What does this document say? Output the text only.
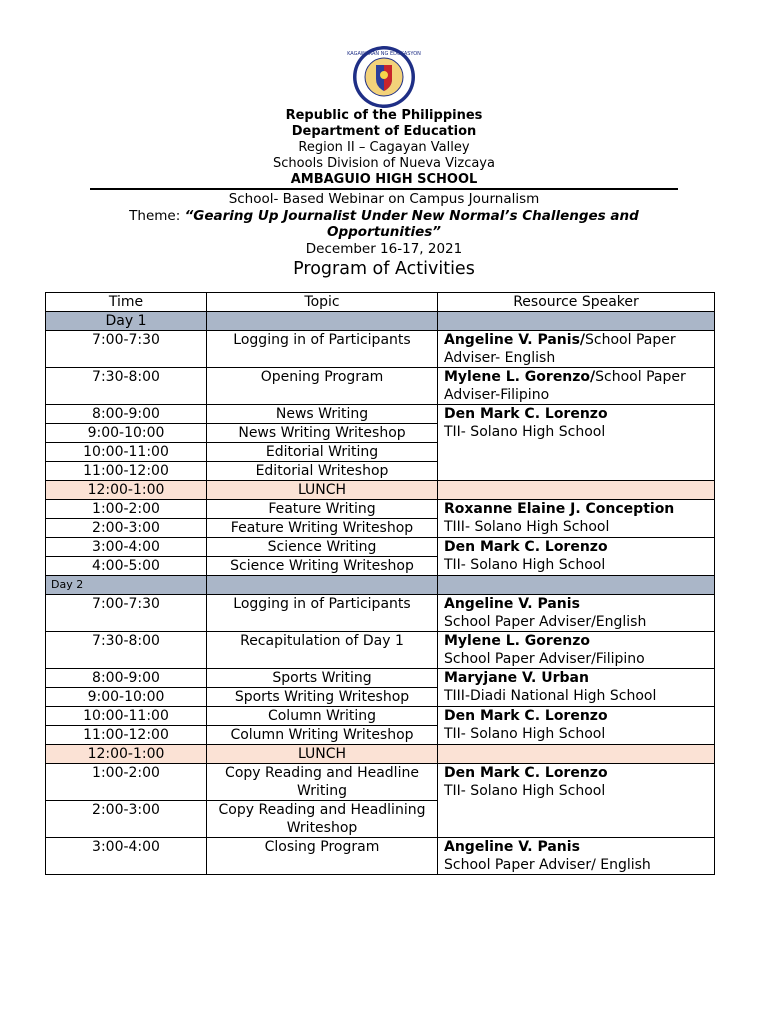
KAGAWARAN NG EDUKASYON
Republic of the Philippines
Department of Education
Region II – Cagayan Valley
Schools Division of Nueva Vizcaya
AMBAGUIO HIGH SCHOOL
School- Based Webinar on Campus Journalism
Theme: “Gearing Up Journalist Under New Normal’s Challenges and Opportunities”
December 16-17, 2021
Program of Activities
Time	Topic	Resource Speaker
Day 1		
7:00-7:30	Logging in of Participants	Angeline V. Panis/School Paper Adviser- English
7:30-8:00	Opening Program	Mylene L. Gorenzo/School Paper Adviser-Filipino
8:00-9:00	News Writing	Den Mark C. Lorenzo
TII- Solano High School

9:00-10:00	News Writing Writeshop	
10:00-11:00	Editorial Writing	
11:00-12:00	Editorial Writeshop	
12:00-1:00	LUNCH	
1:00-2:00	Feature Writing	Roxanne Elaine J. Conception
TIII- Solano High School

2:00-3:00	Feature Writing Writeshop	
3:00-4:00	Science Writing	Den Mark C. Lorenzo
TII- Solano High School

4:00-5:00	Science Writing Writeshop	
Day 2		
7:00-7:30	Logging in of Participants	Angeline V. Panis
School Paper Adviser/English

7:30-8:00	Recapitulation of Day 1	Mylene L. Gorenzo
School Paper Adviser/Filipino

8:00-9:00	Sports Writing	Maryjane V. Urban
TIII-Diadi National High School

9:00-10:00	Sports Writing Writeshop	
10:00-11:00	Column Writing	Den Mark C. Lorenzo
TII- Solano High School

11:00-12:00	Column Writing Writeshop	
12:00-1:00	LUNCH	
1:00-2:00	Copy Reading and Headline Writing	Den Mark C. Lorenzo
TII- Solano High School

2:00-3:00	Copy Reading and Headlining Writeshop	
3:00-4:00	Closing Program	Angeline V. Panis
School Paper Adviser/ English
